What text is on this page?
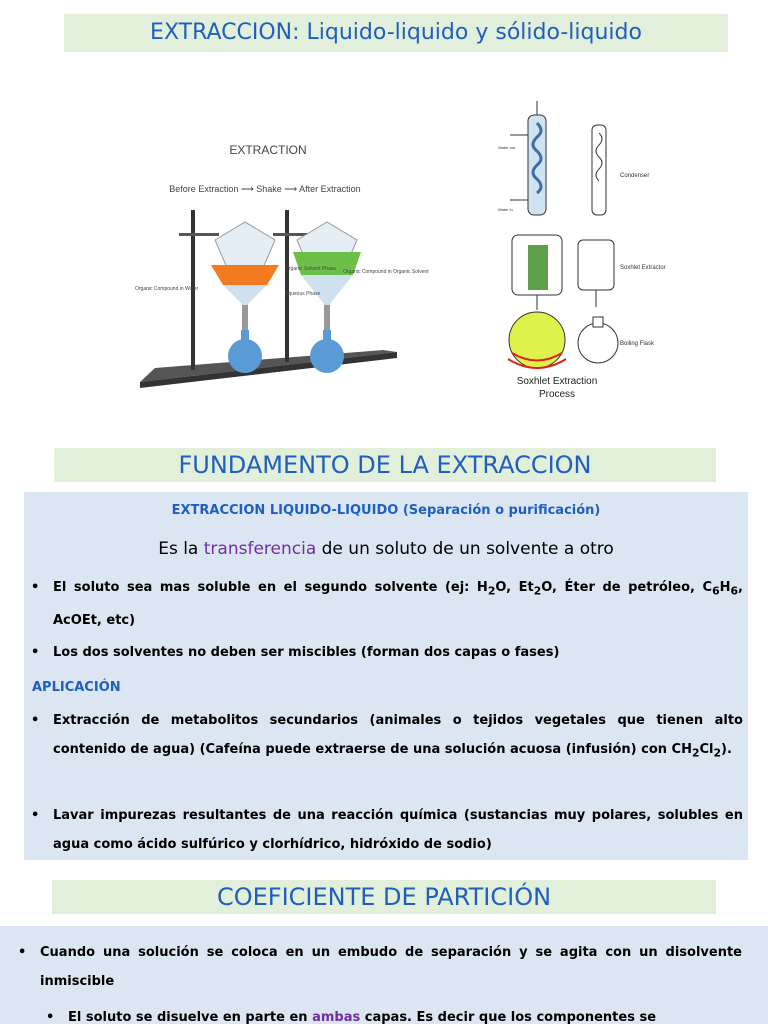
EXTRACCION: Liquido-liquido y sólido-liquido
EXTRACTION
Before Extraction ⟶ Shake ⟶ After Extraction
Organic Solvent Phase
Aqueous Phase
Organic Compound in Water
Organic Compound in Organic Solvent
Water out
Water in
Condenser
Soxhlet Extractor
Boiling Flask
Soxhlet Extraction
Process
FUNDAMENTO DE LA EXTRACCION
EXTRACCION LIQUIDO-LIQUIDO (Separación o purificación)
Es la transferencia de un soluto de un solvente a otro
• El soluto sea mas soluble en el segundo solvente (ej: $H_2O$, $Et_2O$, Éter de petróleo, $C_6H_6$, AcOEt, etc)
• Los dos solventes no deben ser miscibles (forman dos capas o fases)
APLICACIÓN
• Extracción de metabolitos secundarios (animales o tejidos vegetales que tienen alto contenido de agua) (Cafeína puede extraerse de una solución acuosa (infusión) con $CH_2Cl_2$).
• Lavar impurezas resultantes de una reacción química (sustancias muy polares, solubles en agua como ácido sulfúrico y clorhídrico, hidróxido de sodio)
COEFICIENTE DE PARTICIÓN
• Cuando una solución se coloca en un embudo de separación y se agita con un disolvente inmiscible
• El soluto se disuelve en parte en ambas capas. Es decir que los componentes se
